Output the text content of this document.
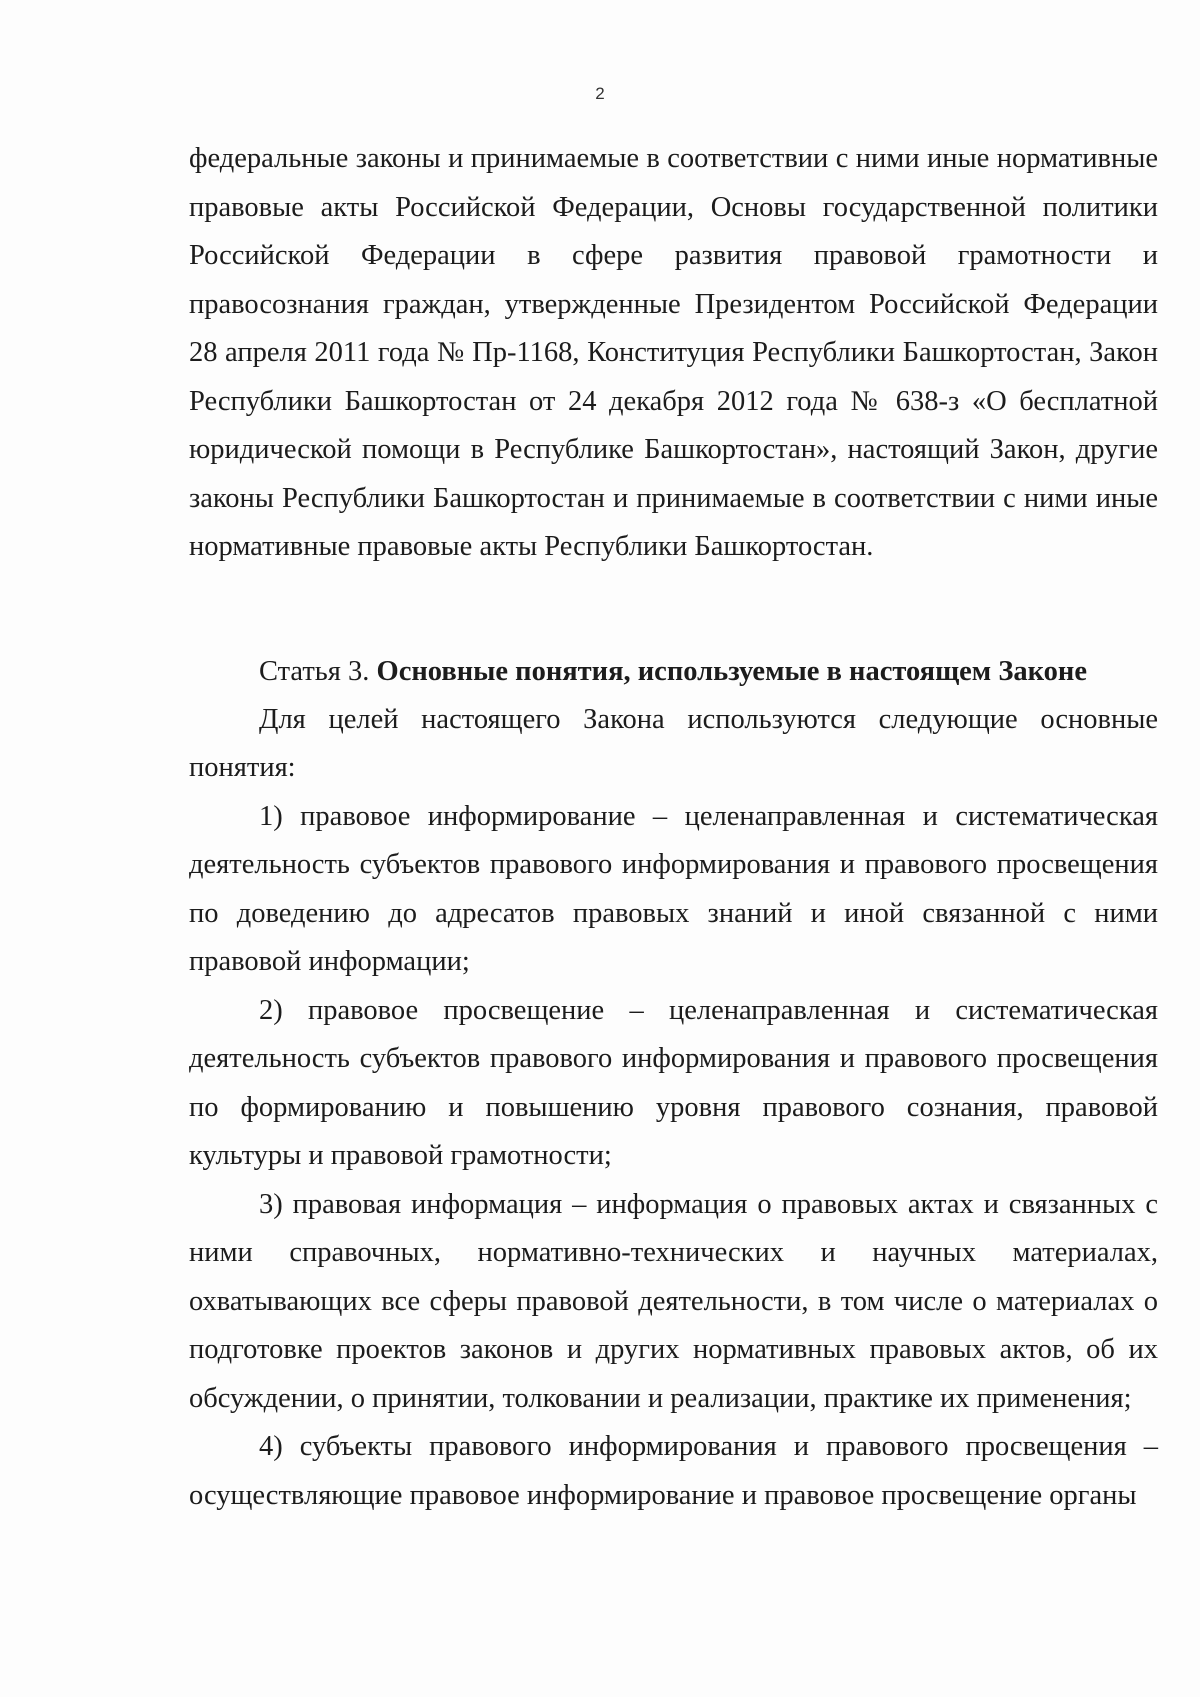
2

федеральные законы и принимаемые в соответствии с ними иные нормативные правовые акты Российской Федерации, Основы государственной политики Российской Федерации в сфере развития правовой грамотности и правосознания граждан, утвержденные Президентом Российской Федерации 28 апреля 2011 года № Пр-1168, Конституция Республики Башкортостан, Закон Республики Башкортостан от 24 декабря 2012 года № 638-з «О бесплатной юридической помощи в Республике Башкортостан», настоящий Закон, другие законы Республики Башкортостан и принимаемые в соответствии с ними иные нормативные правовые акты Республики Башкортостан.

Статья 3. Основные понятия, используемые в настоящем Законе

Для целей настоящего Закона используются следующие основные понятия:

1) правовое информирование – целенаправленная и систематическая деятельность субъектов правового информирования и правового просвещения по доведению до адресатов правовых знаний и иной связанной с ними правовой информации;

2) правовое просвещение – целенаправленная и систематическая деятельность субъектов правового информирования и правового просвещения по формированию и повышению уровня правового сознания, правовой культуры и правовой грамотности;

3) правовая информация – информация о правовых актах и связанных с ними справочных, нормативно-технических и научных материалах, охватывающих все сферы правовой деятельности, в том числе о материалах о подготовке проектов законов и других нормативных правовых актов, об их обсуждении, о принятии, толковании и реализации, практике их применения;

4) субъекты правового информирования и правового просвещения – осуществляющие правовое информирование и правовое просвещение органы
